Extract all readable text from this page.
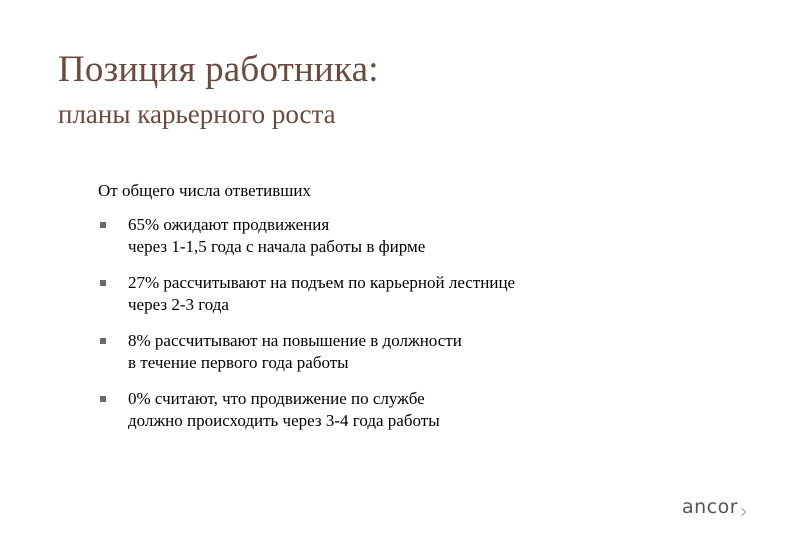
Позиция работника:
планы карьерного роста
От общего числа ответивших
65% ожидают продвижения
через 1-1,5 года с начала работы в фирме
27% рассчитывают на подъем по карьерной лестнице
через 2-3 года
8% рассчитывают на повышение в должности
в течение первого года работы
0% считают, что продвижение по службе
должно происходить через 3-4 года работы
ancor
